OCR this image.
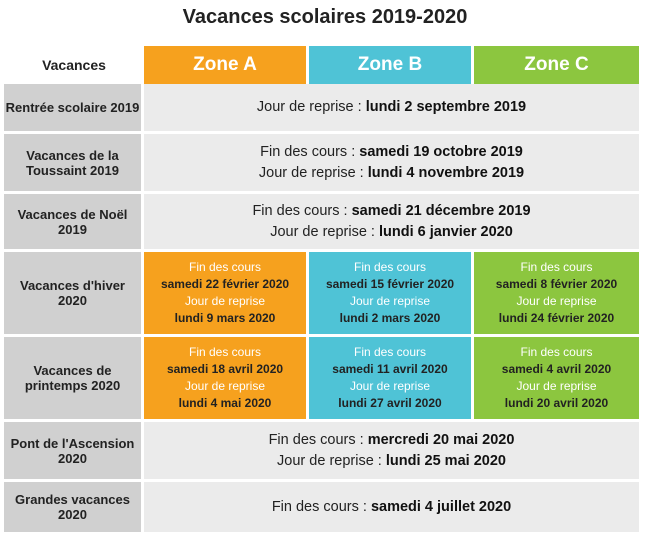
Vacances scolaires 2019-2020
Vacances	Zone A	Zone B	Zone C
Rentrée scolaire 2019	Jour de reprise : lundi 2 septembre 2019		
Vacances de la Toussaint 2019	Fin des cours : samedi 19 octobre 2019
Jour de reprise : lundi 4 novembre 2019		
Vacances de Noël 2019	Fin des cours : samedi 21 décembre 2019
Jour de reprise : lundi 6 janvier 2020		
Vacances d'hiver 2020	Fin des cours
samedi 22 février 2020
Jour de reprise
lundi 9 mars 2020	Fin des cours
samedi 15 février 2020
Jour de reprise
lundi 2 mars 2020	Fin des cours
samedi 8 février 2020
Jour de reprise
lundi 24 février 2020

Vacances de printemps 2020	Fin des cours
samedi 18 avril 2020
Jour de reprise
lundi 4 mai 2020	Fin des cours
samedi 11 avril 2020
Jour de reprise
lundi 27 avril 2020	Fin des cours
samedi 4 avril 2020
Jour de reprise
lundi 20 avril 2020

Pont de l'Ascension 2020	Fin des cours : mercredi 20 mai 2020
Jour de reprise : lundi 25 mai 2020		
Grandes vacances 2020	Fin des cours : samedi 4 juillet 2020		
